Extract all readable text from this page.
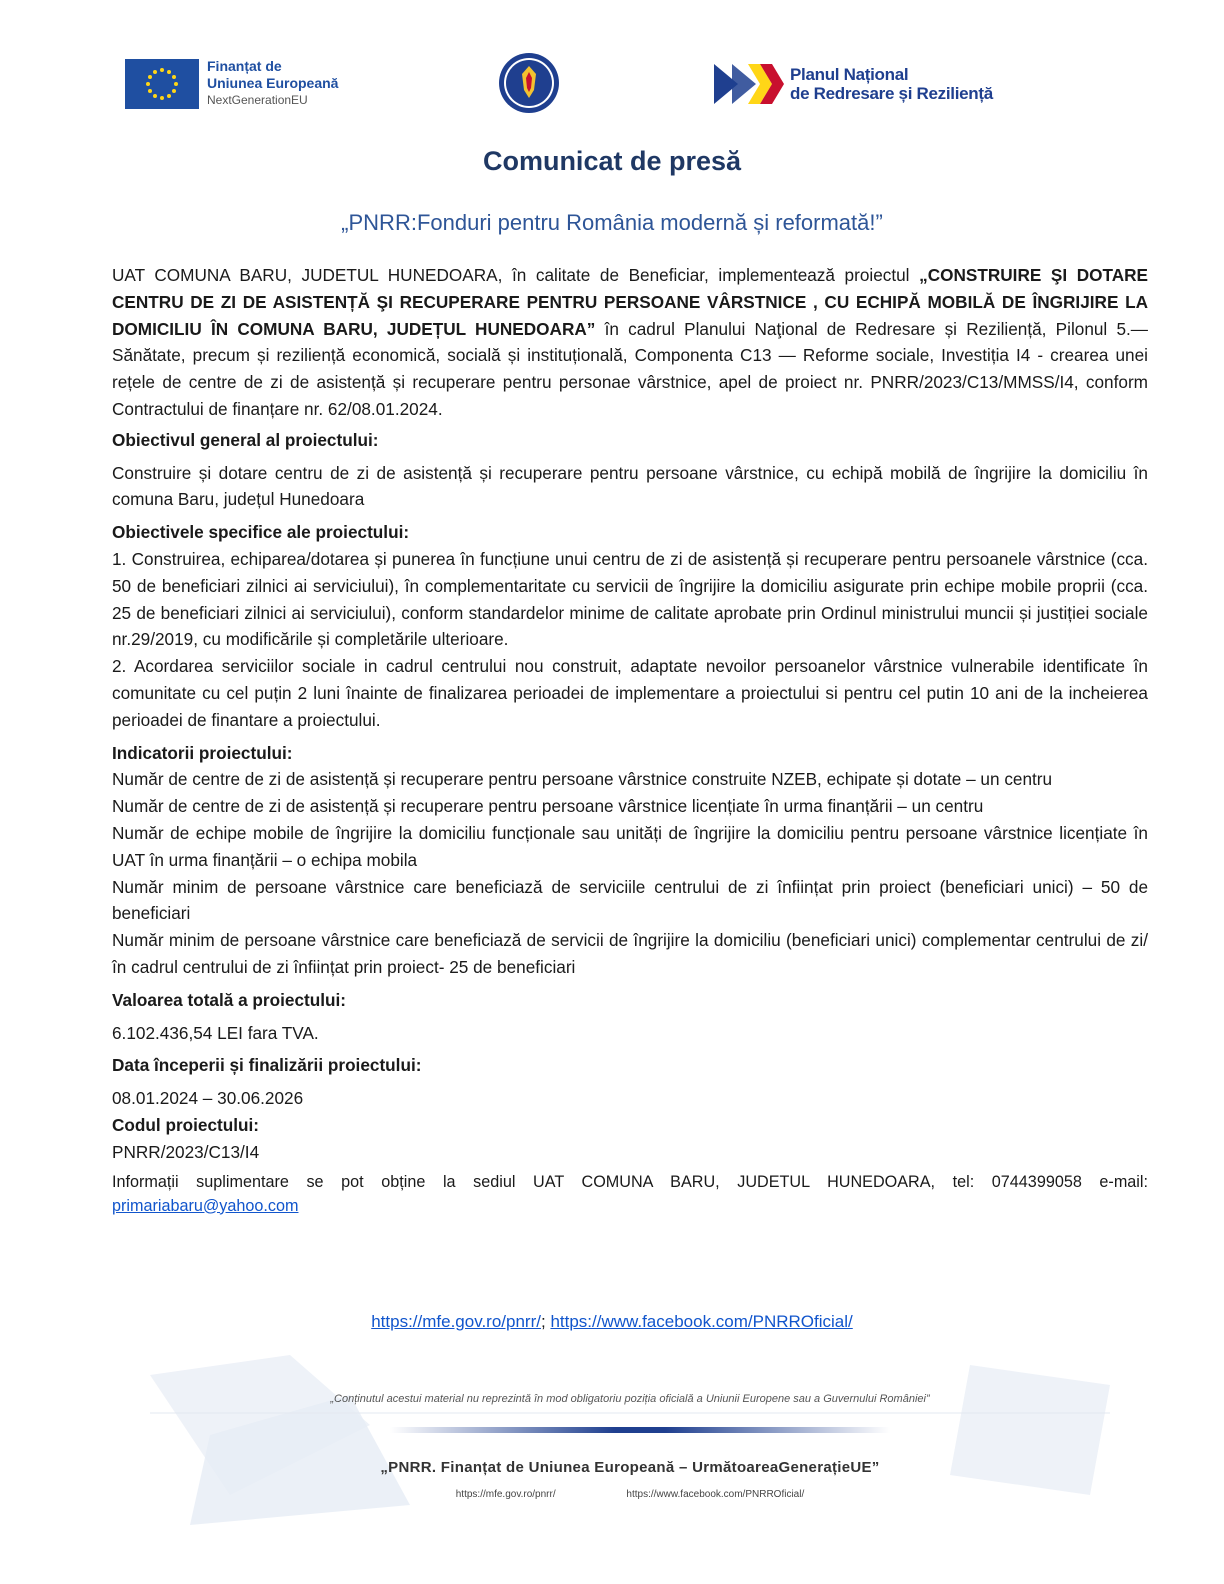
Finanțat de
Uniunea Europeană
NextGenerationEU
Planul Național
de Redresare și Reziliență
Comunicat de presă
„PNRR:Fonduri pentru România modernă și reformată!”

UAT COMUNA BARU, JUDETUL HUNEDOARA, în calitate de Beneficiar, implementează proiectul „CONSTRUIRE ŞI DOTARE CENTRU DE ZI DE ASISTENȚĂ ŞI RECUPERARE PENTRU PERSOANE VÂRSTNICE , CU ECHIPĂ MOBILĂ DE ÎNGRIJIRE LA DOMICILIU ÎN COMUNA BARU, JUDEȚUL HUNEDOARA” în cadrul Planului Naţional de Redresare și Reziliență, Pilonul 5.— Sănătate, precum și reziliență economică, socială și instituțională, Componenta C13 — Reforme sociale, Investiția I4 - crearea unei rețele de centre de zi de asistență și recuperare pentru personae vârstnice, apel de proiect nr. PNRR/2023/C13/MMSS/I4, conform Contractului de finanțare nr. 62/08.01.2024.

Obiectivul general al proiectului:

Construire și dotare centru de zi de asistență și recuperare pentru persoane vârstnice, cu echipă mobilă de îngrijire la domiciliu în comuna Baru, județul Hunedoara

Obiectivele specifice ale proiectului:

1. Construirea, echiparea/dotarea și punerea în funcțiune unui centru de zi de asistență și recuperare pentru persoanele vârstnice (cca. 50 de beneficiari zilnici ai serviciului), în complementaritate cu servicii de îngrijire la domiciliu asigurate prin echipe mobile proprii (cca. 25 de beneficiari zilnici ai serviciului), conform standardelor minime de calitate aprobate prin Ordinul ministrului muncii și justiției sociale nr.29/2019, cu modificările și completările ulterioare.

2. Acordarea serviciilor sociale in cadrul centrului nou construit, adaptate nevoilor persoanelor vârstnice vulnerabile identificate în comunitate cu cel puțin 2 luni înainte de finalizarea perioadei de implementare a proiectului si pentru cel putin 10 ani de la incheierea perioadei de finantare a proiectului.

Indicatorii proiectului:

Număr de centre de zi de asistență și recuperare pentru persoane vârstnice construite NZEB, echipate și dotate – un centru

Număr de centre de zi de asistență și recuperare pentru persoane vârstnice licențiate în urma finanțării – un centru

Număr de echipe mobile de îngrijire la domiciliu funcționale sau unități de îngrijire la domiciliu pentru persoane vârstnice licențiate în UAT în urma finanțării – o echipa mobila

Număr minim de persoane vârstnice care beneficiază de serviciile centrului de zi înființat prin proiect (beneficiari unici) – 50 de beneficiari

Număr minim de persoane vârstnice care beneficiază de servicii de îngrijire la domiciliu (beneficiari unici) complementar centrului de zi/în cadrul centrului de zi înființat prin proiect- 25 de beneficiari

Valoarea totală a proiectului:

6.102.436,54 LEI fara TVA.

Data începerii și finalizării proiectului:

08.01.2024 – 30.06.2026

Codul proiectului:

PNRR/2023/C13/I4

Informații suplimentare se pot obține la sediul UAT COMUNA BARU, JUDETUL HUNEDOARA, tel: 0744399058 e-mail: primariabaru@yahoo.com

https://mfe.gov.ro/pnrr/; https://www.facebook.com/PNRROficial/
„Conținutul acestui material nu reprezintă în mod obligatoriu poziția oficială a Uniunii Europene sau a Guvernului României”
„PNRR. Finanțat de Uniunea Europeană – UrmătoareaGenerațieUE”
https://mfe.gov.ro/pnrr/	https://www.facebook.com/PNRROficial/
